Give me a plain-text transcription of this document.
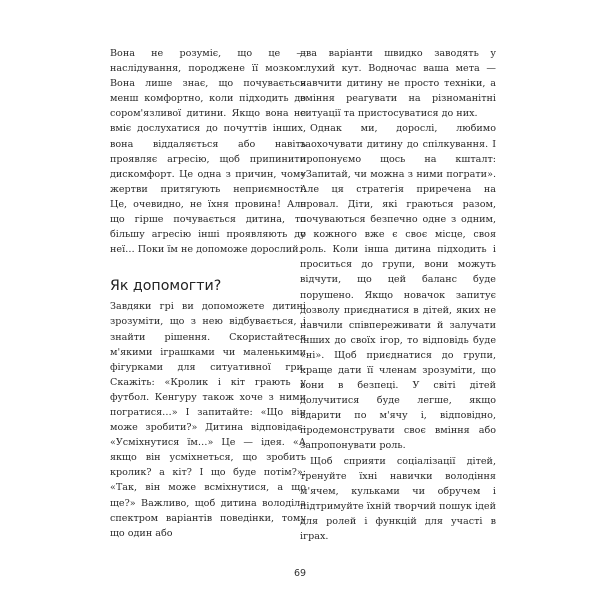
Вона не розуміє, що це — наслідування, породжене її мозком. Вона лише знає, що почувається менш комфортно, коли підходить до сором'язливої дитини. Якщо вона не вміє дослухатися до почуттів інших, вона віддаляється або навіть проявляє агресію, щоб припинити дискомфорт. Це одна з причин, чому жертви притягують неприємності. Це, очевидно, не їхня провина! Але що гірше почувається дитина, то більшу агресію інші проявляють до неї… Поки їм не допоможе дорослий.

Як допомогти?

Завдяки грі ви допоможете дитині зрозуміти, що з нею відбувається, і знайти рішення. Скористайтеся м'якими іграшками чи маленькими фігурками для ситуативної гри. Скажіть: «Кролик і кіт грають у футбол. Кенгуру також хоче з ними погратися…» І запитайте: «Що він може зробити?» Дитина відповідає: «Усміхнутися їм…» Це — ідея. «А якщо він усміхнеться, що зробить кролик? а кіт? І що буде потім?»; «Так, він може всміхнутися, а що ще?» Важливо, щоб дитина володіла спектром варіантів поведінки, тому що один або

два варіанти швидко заводять у глухий кут. Водночас ваша мета — навчити дитину не просто техніки, а вміння реагувати на різноманітні ситуації та пристосуватися до них.

Однак ми, дорослі, любимо заохочувати дитину до спілкування. І пропонуємо щось на кшталт: «Запитай, чи можна з ними пограти». Але ця стратегія приречена на провал. Діти, які граються разом, почуваються безпечно одне з одним, у кожного вже є своє місце, своя роль. Коли інша дитина підходить і проситься до групи, вони можуть відчути, що цей баланс буде порушено. Якщо новачок запитує дозволу приєднатися в дітей, яких не навчили співпереживати й залучати інших до своїх ігор, то відповідь буде «ні». Щоб приєднатися до групи, краще дати її членам зрозуміти, що вони в безпеці. У світі дітей долучитися буде легше, якщо вдарити по м'ячу і, відповідно, продемонструвати своє вміння або запропонувати роль.

Щоб сприяти соціалізації дітей, тренуйте їхні навички володіння м'ячем, кульками чи обручем і підтримуйте їхній творчий пошук ідей для ролей і функцій для участі в іграх.

69
